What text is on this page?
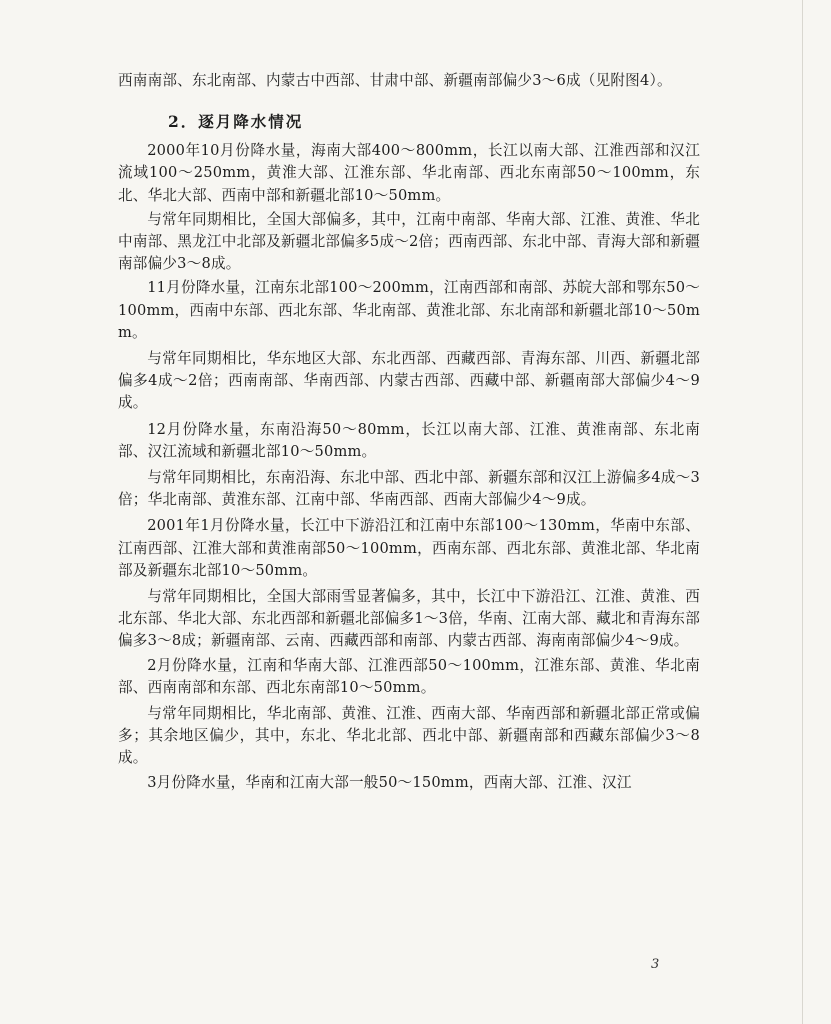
西南南部、东北南部、内蒙古中西部、甘肃中部、新疆南部偏少3～6成（见附图4）。

2．逐月降水情况

2000年10月份降水量，海南大部400～800mm，长江以南大部、江淮西部和汉江流域100～250mm，黄淮大部、江淮东部、华北南部、西北东南部50～100mm，东北、华北大部、西南中部和新疆北部10～50mm。

与常年同期相比，全国大部偏多，其中，江南中南部、华南大部、江淮、黄淮、华北中南部、黑龙江中北部及新疆北部偏多5成～2倍；西南西部、东北中部、青海大部和新疆南部偏少3～8成。

11月份降水量，江南东北部100～200mm，江南西部和南部、苏皖大部和鄂东50～100mm，西南中东部、西北东部、华北南部、黄淮北部、东北南部和新疆北部10～50mm。

与常年同期相比，华东地区大部、东北西部、西藏西部、青海东部、川西、新疆北部偏多4成～2倍；西南南部、华南西部、内蒙古西部、西藏中部、新疆南部大部偏少4～9成。

12月份降水量，东南沿海50～80mm，长江以南大部、江淮、黄淮南部、东北南部、汉江流域和新疆北部10～50mm。

与常年同期相比，东南沿海、东北中部、西北中部、新疆东部和汉江上游偏多4成～3倍；华北南部、黄淮东部、江南中部、华南西部、西南大部偏少4～9成。

2001年1月份降水量，长江中下游沿江和江南中东部100～130mm，华南中东部、江南西部、江淮大部和黄淮南部50～100mm，西南东部、西北东部、黄淮北部、华北南部及新疆东北部10～50mm。

与常年同期相比，全国大部雨雪显著偏多，其中，长江中下游沿江、江淮、黄淮、西北东部、华北大部、东北西部和新疆北部偏多1～3倍，华南、江南大部、藏北和青海东部偏多3～8成；新疆南部、云南、西藏西部和南部、内蒙古西部、海南南部偏少4～9成。

2月份降水量，江南和华南大部、江淮西部50～100mm，江淮东部、黄淮、华北南部、西南南部和东部、西北东南部10～50mm。

与常年同期相比，华北南部、黄淮、江淮、西南大部、华南西部和新疆北部正常或偏多；其余地区偏少，其中，东北、华北北部、西北中部、新疆南部和西藏东部偏少3～8成。

3月份降水量，华南和江南大部一般50～150mm，西南大部、江淮、汉江

3
